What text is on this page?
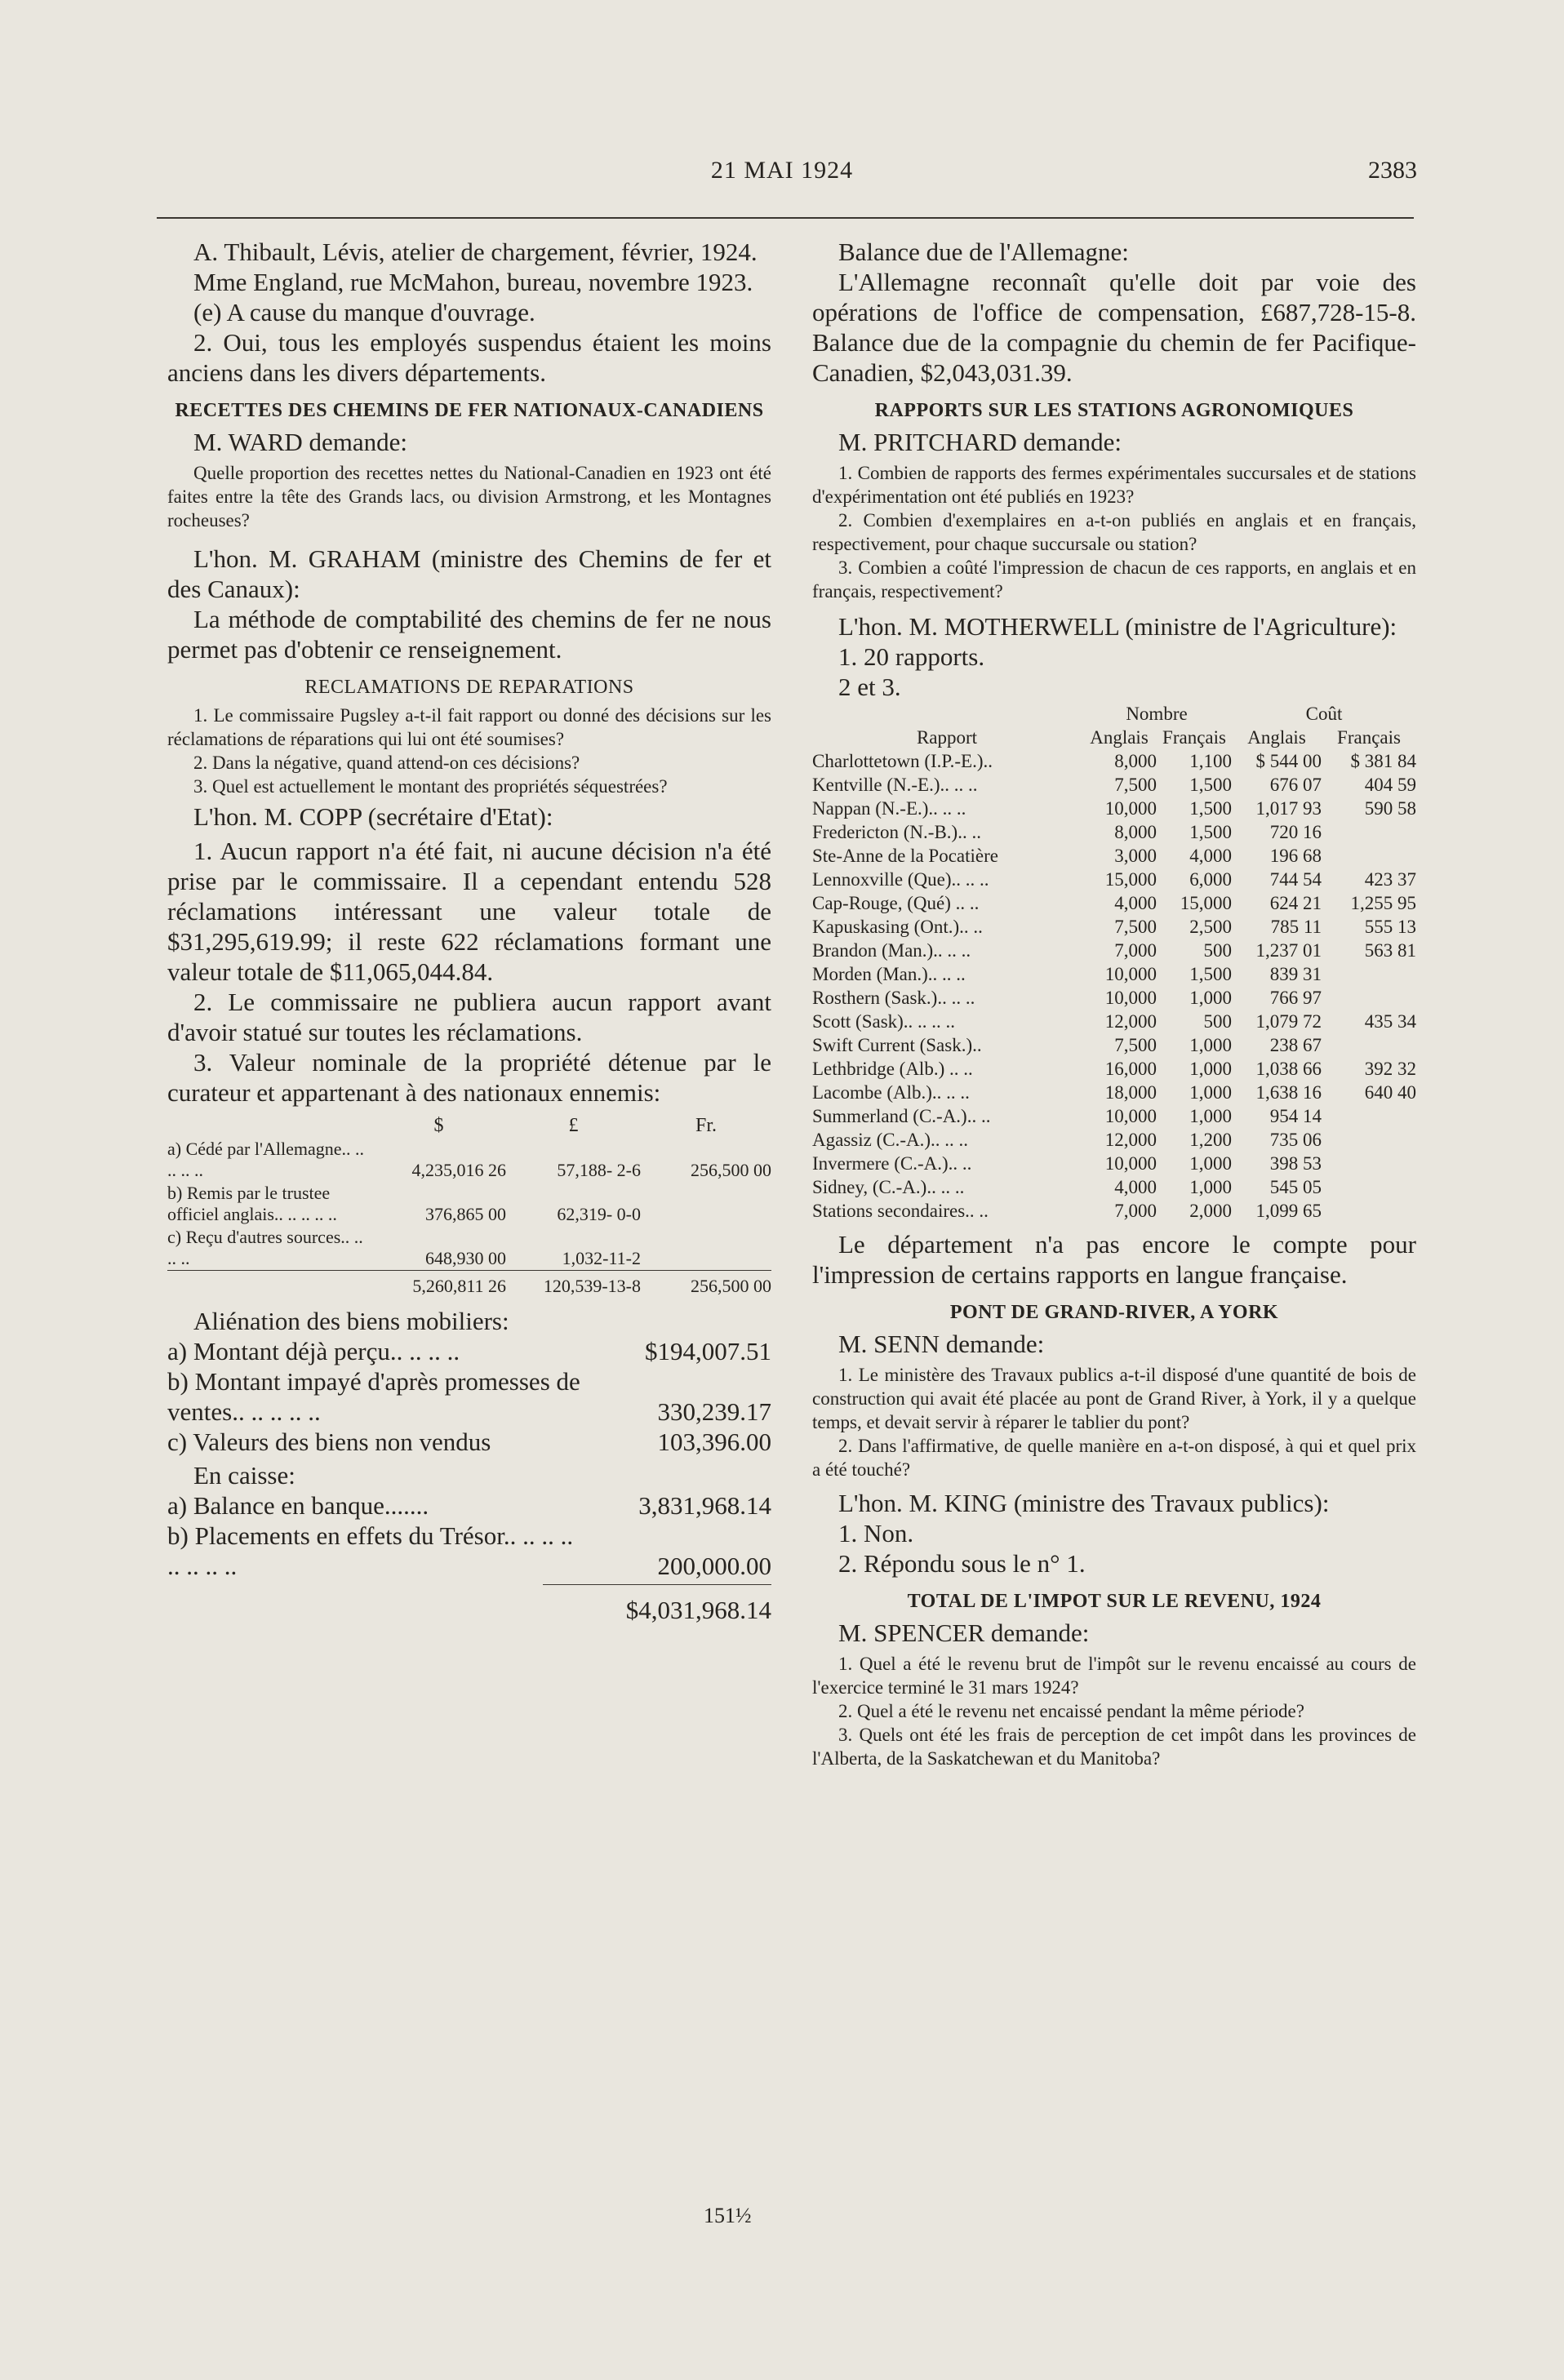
21 MAI 1924	2383

A. Thibault, Lévis, atelier de chargement, février, 1924.

Mme England, rue McMahon, bureau, novembre 1923.

(e) A cause du manque d'ouvrage.

2. Oui, tous les employés suspendus étaient les moins anciens dans les divers départements.

RECETTES DES CHEMINS DE FER NATIONAUX-CANADIENS
M. WARD demande:

Quelle proportion des recettes nettes du National-Canadien en 1923 ont été faites entre la tête des Grands lacs, ou division Armstrong, et les Montagnes rocheuses?

L'hon. M. GRAHAM (ministre des Chemins de fer et des Canaux):

La méthode de comptabilité des chemins de fer ne nous permet pas d'obtenir ce renseignement.

RECLAMATIONS DE REPARATIONS

1. Le commissaire Pugsley a-t-il fait rapport ou donné des décisions sur les réclamations de réparations qui lui ont été soumises?

2. Dans la négative, quand attend-on ces décisions?

3. Quel est actuellement le montant des propriétés séquestrées?

L'hon. M. COPP (secrétaire d'Etat):

1. Aucun rapport n'a été fait, ni aucune décision n'a été prise par le commissaire. Il a cependant entendu 528 réclamations intéressant une valeur totale de $31,295,619.99; il reste 622 réclamations formant une valeur totale de $11,065,044.84.

2. Le commissaire ne publiera aucun rapport avant d'avoir statué sur toutes les réclamations.

3. Valeur nominale de la propriété détenue par le curateur et appartenant à des nationaux ennemis:

	$	£	Fr.
a) Cédé par l'Allemagne.. .. .. .. ..	4,235,016 26	57,188- 2-6	256,500 00
b) Remis par le trustee officiel anglais.. .. .. .. ..	376,865 00	62,319- 0-0	
c) Reçu d'autres sources.. .. .. ..	648,930 00	1,032-11-2	
	5,260,811 26	120,539-13-8	256,500 00

Aliénation des biens mobiliers:

a) Montant déjà perçu.. .. .. ..	$194,007.51
b) Montant impayé d'après promesses de ventes.. .. .. .. ..	330,239.17
c) Valeurs des biens non vendus	103,396.00

En caisse:

a) Balance en banque.......	3,831,968.14
b) Placements en effets du Trésor.. .. .. .. .. .. .. ..	200,000.00
$4,031,968.14

Balance due de l'Allemagne:

L'Allemagne reconnaît qu'elle doit par voie des opérations de l'office de compensation, £687,728-15-8. Balance due de la compagnie du chemin de fer Pacifique-Canadien, $2,043,031.39.

RAPPORTS SUR LES STATIONS AGRONOMIQUES
M. PRITCHARD demande:

1. Combien de rapports des fermes expérimentales succursales et de stations d'expérimentation ont été publiés en 1923?

2. Combien d'exemplaires en a-t-on publiés en anglais et en français, respectivement, pour chaque succursale ou station?

3. Combien a coûté l'impression de chacun de ces rapports, en anglais et en français, respectivement?

L'hon. M. MOTHERWELL (ministre de l'Agriculture):

1. 20 rapports.

2 et 3.

	Nombre		Coût	
Rapport	Anglais	Français	Anglais	Français
Charlottetown (I.P.-E.)..	8,000	1,100	$ 544 00	$ 381 84
Kentville (N.-E.).. .. ..	7,500	1,500	676 07	404 59
Nappan (N.-E.).. .. ..	10,000	1,500	1,017 93	590 58
Fredericton (N.-B.).. ..	8,000	1,500	720 16	
Ste-Anne de la Pocatière	3,000	4,000	196 68	
Lennoxville (Que).. .. ..	15,000	6,000	744 54	423 37
Cap-Rouge, (Qué) .. ..	4,000	15,000	624 21	1,255 95
Kapuskasing (Ont.).. ..	7,500	2,500	785 11	555 13
Brandon (Man.).. .. ..	7,000	500	1,237 01	563 81
Morden (Man.).. .. ..	10,000	1,500	839 31	
Rosthern (Sask.).. .. ..	10,000	1,000	766 97	
Scott (Sask).. .. .. ..	12,000	500	1,079 72	435 34
Swift Current (Sask.)..	7,500	1,000	238 67	
Lethbridge (Alb.) .. ..	16,000	1,000	1,038 66	392 32
Lacombe (Alb.).. .. ..	18,000	1,000	1,638 16	640 40
Summerland (C.-A.).. ..	10,000	1,000	954 14	
Agassiz (C.-A.).. .. ..	12,000	1,200	735 06	
Invermere (C.-A.).. ..	10,000	1,000	398 53	
Sidney, (C.-A.).. .. ..	4,000	1,000	545 05	
Stations secondaires.. ..	7,000	2,000	1,099 65	

Le département n'a pas encore le compte pour l'impression de certains rapports en langue française.

PONT DE GRAND-RIVER, A YORK
M. SENN demande:

1. Le ministère des Travaux publics a-t-il disposé d'une quantité de bois de construction qui avait été placée au pont de Grand River, à York, il y a quelque temps, et devait servir à réparer le tablier du pont?

2. Dans l'affirmative, de quelle manière en a-t-on disposé, à qui et quel prix a été touché?

L'hon. M. KING (ministre des Travaux publics):

1. Non.

2. Répondu sous le n° 1.

TOTAL DE L'IMPOT SUR LE REVENU, 1924
M. SPENCER demande:

1. Quel a été le revenu brut de l'impôt sur le revenu encaissé au cours de l'exercice terminé le 31 mars 1924?

2. Quel a été le revenu net encaissé pendant la même période?

3. Quels ont été les frais de perception de cet impôt dans les provinces de l'Alberta, de la Saskatchewan et du Manitoba?

151½
